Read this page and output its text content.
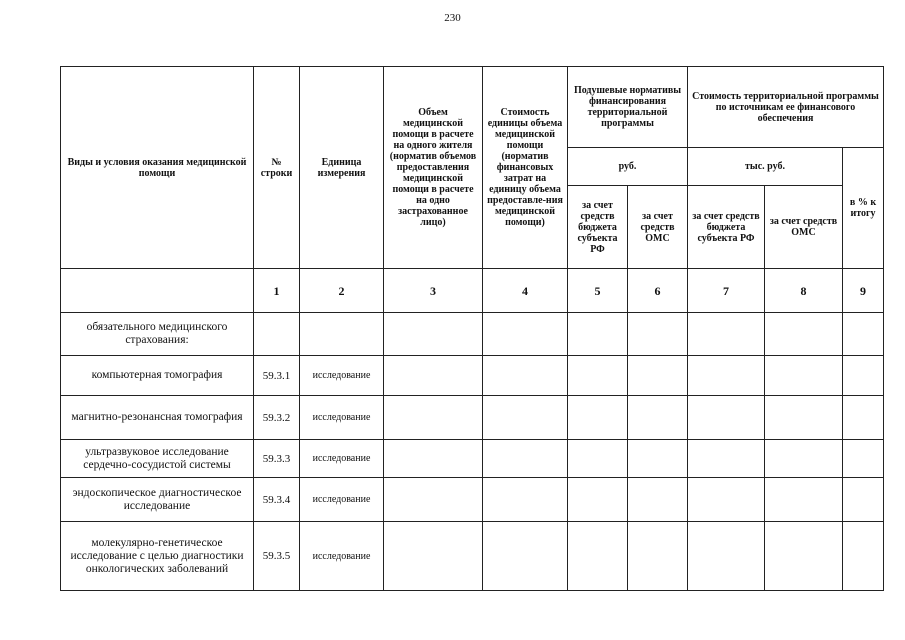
230
Виды и условия оказания медицинской помощи	№ строки	Единица измерения	Объем медицинской помощи в расчете на одного жителя (норматив объемов предоставления медицинской помощи в расчете на одно застрахованное лицо)	Стоимость единицы объема медицинской помощи (норматив финансовых затрат на единицу объема предоставле-ния медицинской помощи)	Подушевые нормативы финансирования территориальной программы		Стоимость территориальной программы по источникам ее финансового обеспечения		
					руб.		тыс. руб.		в % к итогу
					за счет средств бюджета субъекта РФ	за счет средств ОМС	за счет средств бюджета субъекта РФ	за счет средств ОМС	
	1	2	3	4	5	6	7	8	9
обязательного медицинского страхования:									
компьютерная томография	59.3.1	исследование							
магнитно-резонансная томография	59.3.2	исследование							
ультразвуковое исследование сердечно-сосудистой системы	59.3.3	исследование							
эндоскопическое диагностическое исследование	59.3.4	исследование							
молекулярно-генетическое исследование с целью диагностики онкологических заболеваний	59.3.5	исследование							
